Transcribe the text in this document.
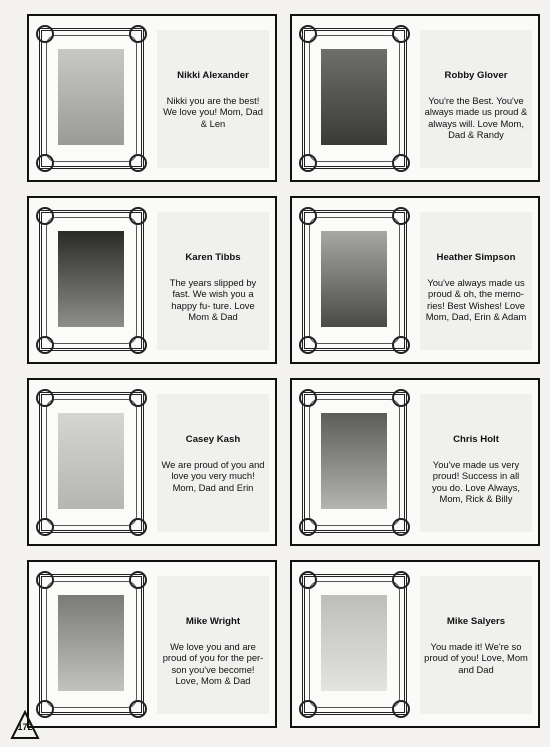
Nikki Alexander
Nikki you are the best! We love you! Mom, Dad & Len
Robby Glover
You're the Best. You've always made us proud & always will. Love Mom, Dad & Randy
Karen Tibbs
The years slipped by fast. We wish you a happy fu- ture. Love Mom & Dad
Heather Simpson
You've always made us proud & oh, the memo- ries! Best Wishes! Love Mom, Dad, Erin & Adam
Casey Kash
We are proud of you and love you very much! Mom, Dad and Erin
Chris Holt
You've made us very proud! Success in all you do. Love Always, Mom, Rick & Billy
Mike Wright
We love you and are proud of you for the per- son you've become! Love, Mom & Dad
Mike Salyers
You made it! We're so proud of you! Love, Mom and Dad
172
